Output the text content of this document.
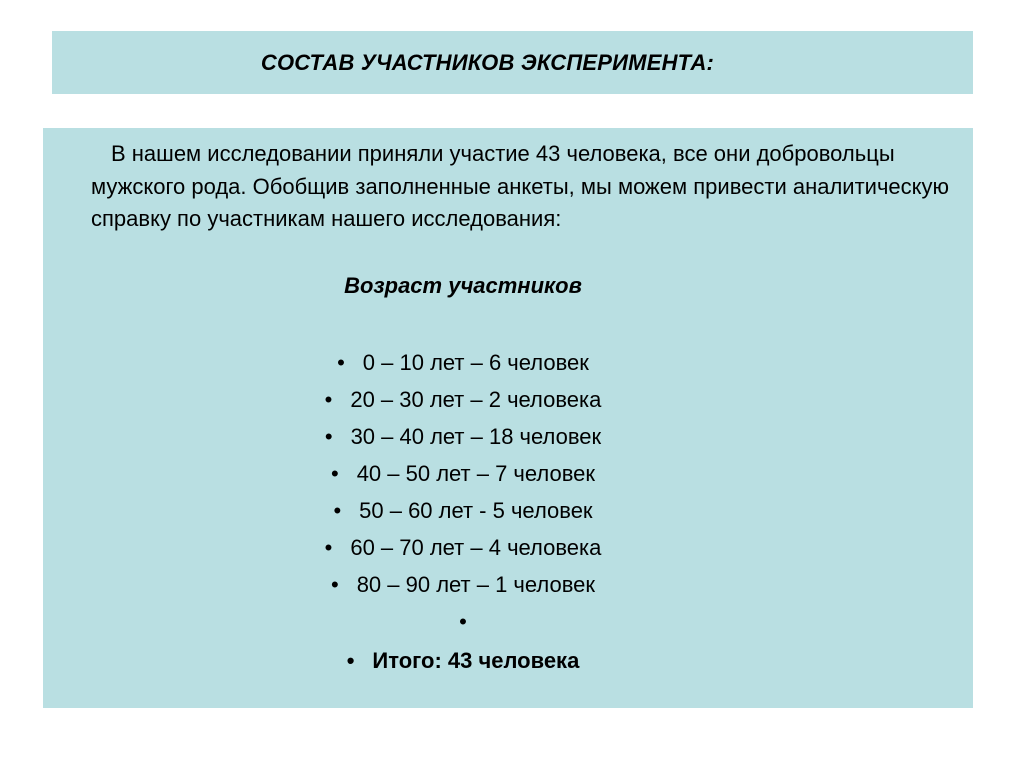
СОСТАВ УЧАСТНИКОВ ЭКСПЕРИМЕНТА:

В нашем исследовании приняли участие 43 человека, все они добровольцы мужского рода. Обобщив заполненные анкеты, мы можем привести аналитическую справку по участникам нашего исследования:

Возраст участников
• 0 – 10 лет – 6 человек
• 20 – 30 лет – 2 человека
• 30 – 40 лет – 18 человек
• 40 – 50 лет – 7 человек
• 50 – 60 лет - 5 человек
• 60 – 70 лет – 4 человека
• 80 – 90 лет – 1 человек
•
• Итого: 43 человека
